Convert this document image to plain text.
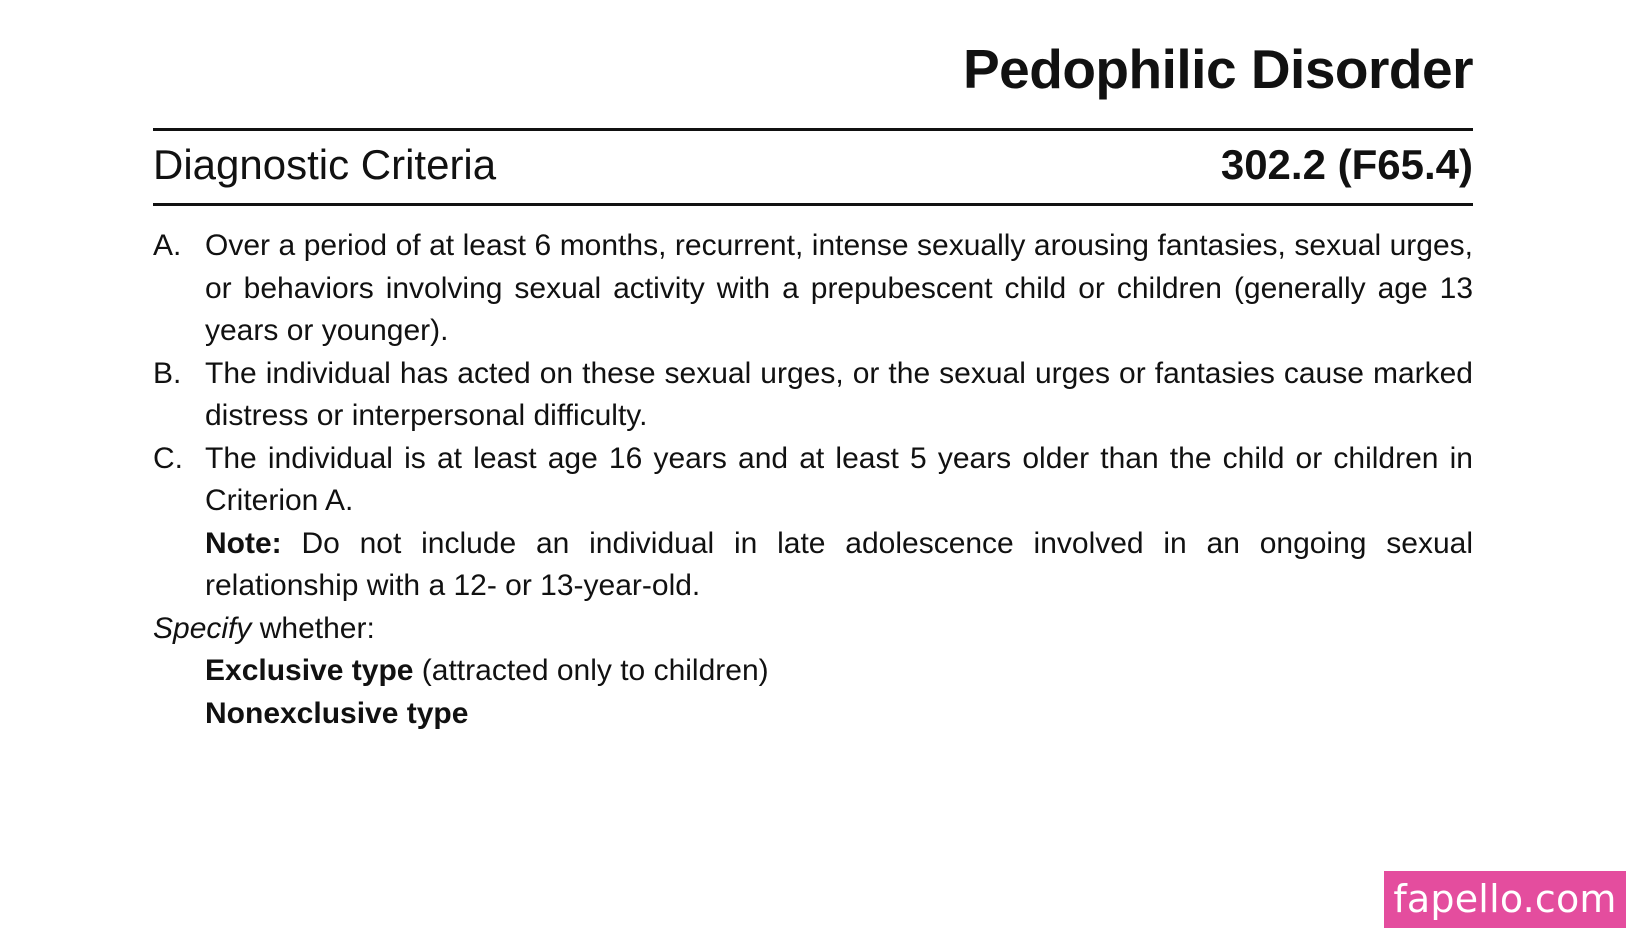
Pedophilic Disorder
Diagnostic Criteria	302.2 (F65.4)

A. Over a period of at least 6 months, recurrent, intense sexually arousing fantasies, sexual urges, or behaviors involving sexual activity with a prepubescent child or children (generally age 13 years or younger).

B. The individual has acted on these sexual urges, or the sexual urges or fantasies cause marked distress or interpersonal difficulty.

C. The individual is at least age 16 years and at least 5 years older than the child or children in Criterion A.

Note: Do not include an individual in late adolescence involved in an ongoing sexual relationship with a 12- or 13-year-old.

Specify whether:

Exclusive type (attracted only to children)

Nonexclusive type

fapello.com
